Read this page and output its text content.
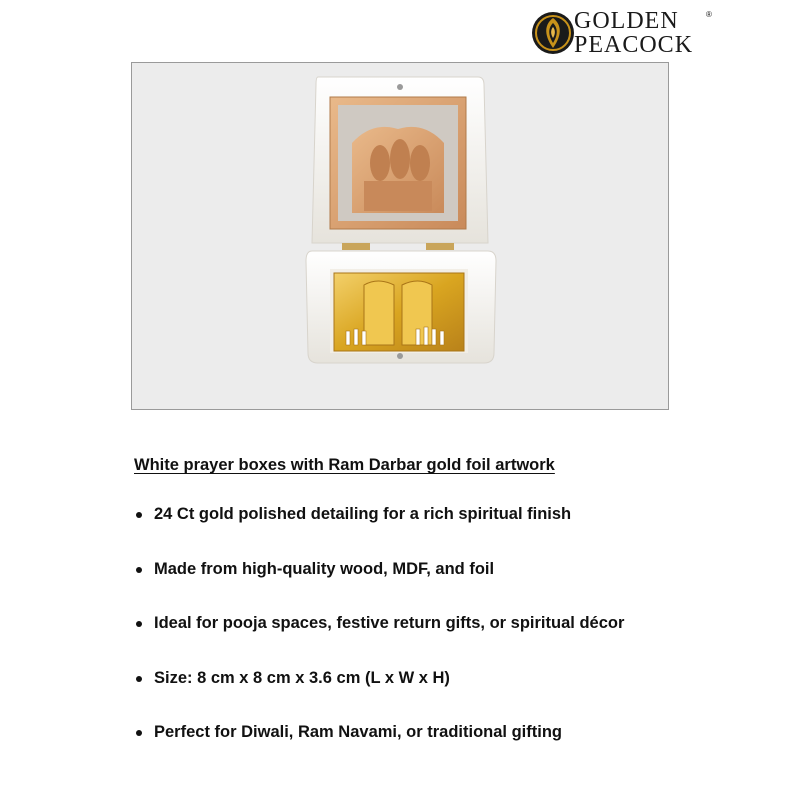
GOLDEN
PEACOCK
®
White prayer boxes with Ram Darbar gold foil artwork
24 Ct gold polished detailing for a rich spiritual finish
Made from high-quality wood, MDF, and foil
Ideal for pooja spaces, festive return gifts, or spiritual décor
Size: 8 cm x 8 cm x 3.6 cm (L x W x H)
Perfect for Diwali, Ram Navami, or traditional gifting
